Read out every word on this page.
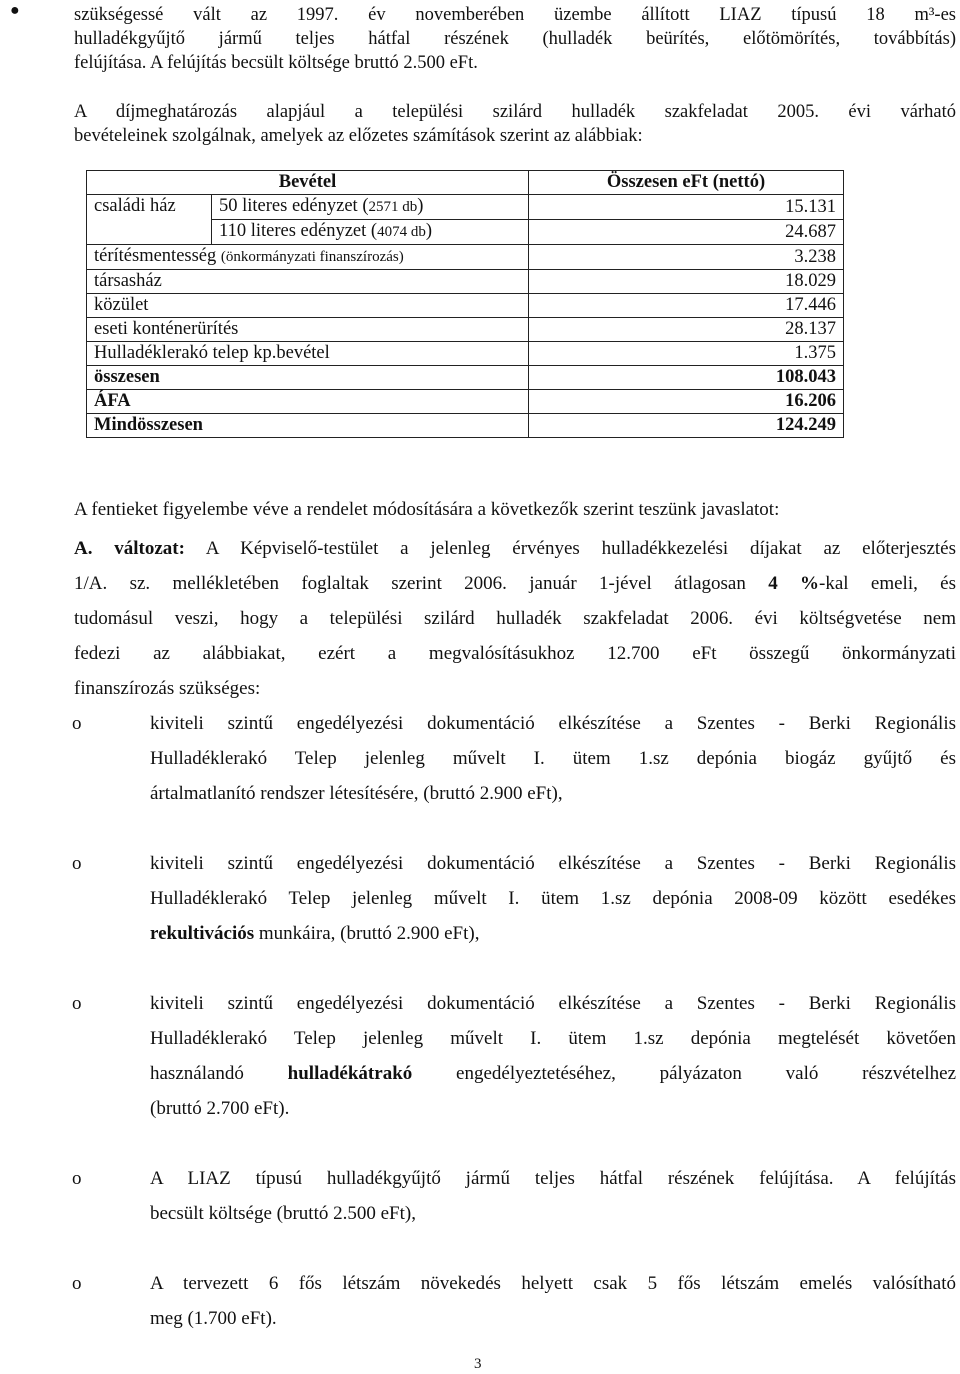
●	szükségessé vált az 1997. év novemberében üzembe állított LIAZ típusú 18 m³-es
hulladékgyűjtő jármű teljes hátfal részének (hulladék beürítés, előtömörítés, továbbítás)
felújítása. A felújítás becsült költsége bruttó 2.500 eFt.
A díjmeghatározás alapjául a települési szilárd hulladék szakfeladat 2005. évi várható
bevételeinek szolgálnak, amelyek az előzetes számítások szerint az alábbiak:
Bevétel		Összesen eFt (nettó)
családi ház	50 literes edényzet (2571 db)	15.131
	110 literes edényzet (4074 db)	24.687
térítésmentesség (önkormányzati finanszírozás)		3.238
társasház		18.029
közület		17.446
eseti konténerürítés		28.137
Hulladéklerakó telep kp.bevétel		1.375
összesen		108.043
ÁFA		16.206
Mindösszesen		124.249
A fentieket figyelembe véve a rendelet módosítására a következők szerint teszünk javaslatot:
A. változat: A Képviselő-testület a jelenleg érvényes hulladékkezelési díjakat az előterjesztés
1/A. sz. mellékletében foglaltak szerint 2006. január 1-jével átlagosan 4 %-kal emeli, és
tudomásul veszi, hogy a települési szilárd hulladék szakfeladat 2006. évi költségvetése nem
fedezi az alábbiakat, ezért a megvalósításukhoz 12.700 eFt összegű önkormányzati
finanszírozás szükséges:
o	kiviteli szintű engedélyezési dokumentáció elkészítése a Szentes - Berki Regionális
Hulladéklerakó Telep jelenleg művelt I. ütem 1.sz depónia biogáz gyűjtő és
ártalmatlanító rendszer létesítésére, (bruttó 2.900 eFt),
o	kiviteli szintű engedélyezési dokumentáció elkészítése a Szentes - Berki Regionális
Hulladéklerakó Telep jelenleg művelt I. ütem 1.sz depónia 2008-09 között esedékes
rekultivációs munkáira, (bruttó 2.900 eFt),
o	kiviteli szintű engedélyezési dokumentáció elkészítése a Szentes - Berki Regionális
Hulladéklerakó Telep jelenleg művelt I. ütem 1.sz depónia megtelését követően
használandó hulladékátrakó engedélyeztetéséhez, pályázaton való részvételhez
(bruttó 2.700 eFt).
o	A LIAZ típusú hulladékgyűjtő jármű teljes hátfal részének felújítása. A felújítás
becsült költsége (bruttó 2.500 eFt),
o	A tervezett 6 fős létszám növekedés helyett csak 5 fős létszám emelés valósítható
meg (1.700 eFt).
3
